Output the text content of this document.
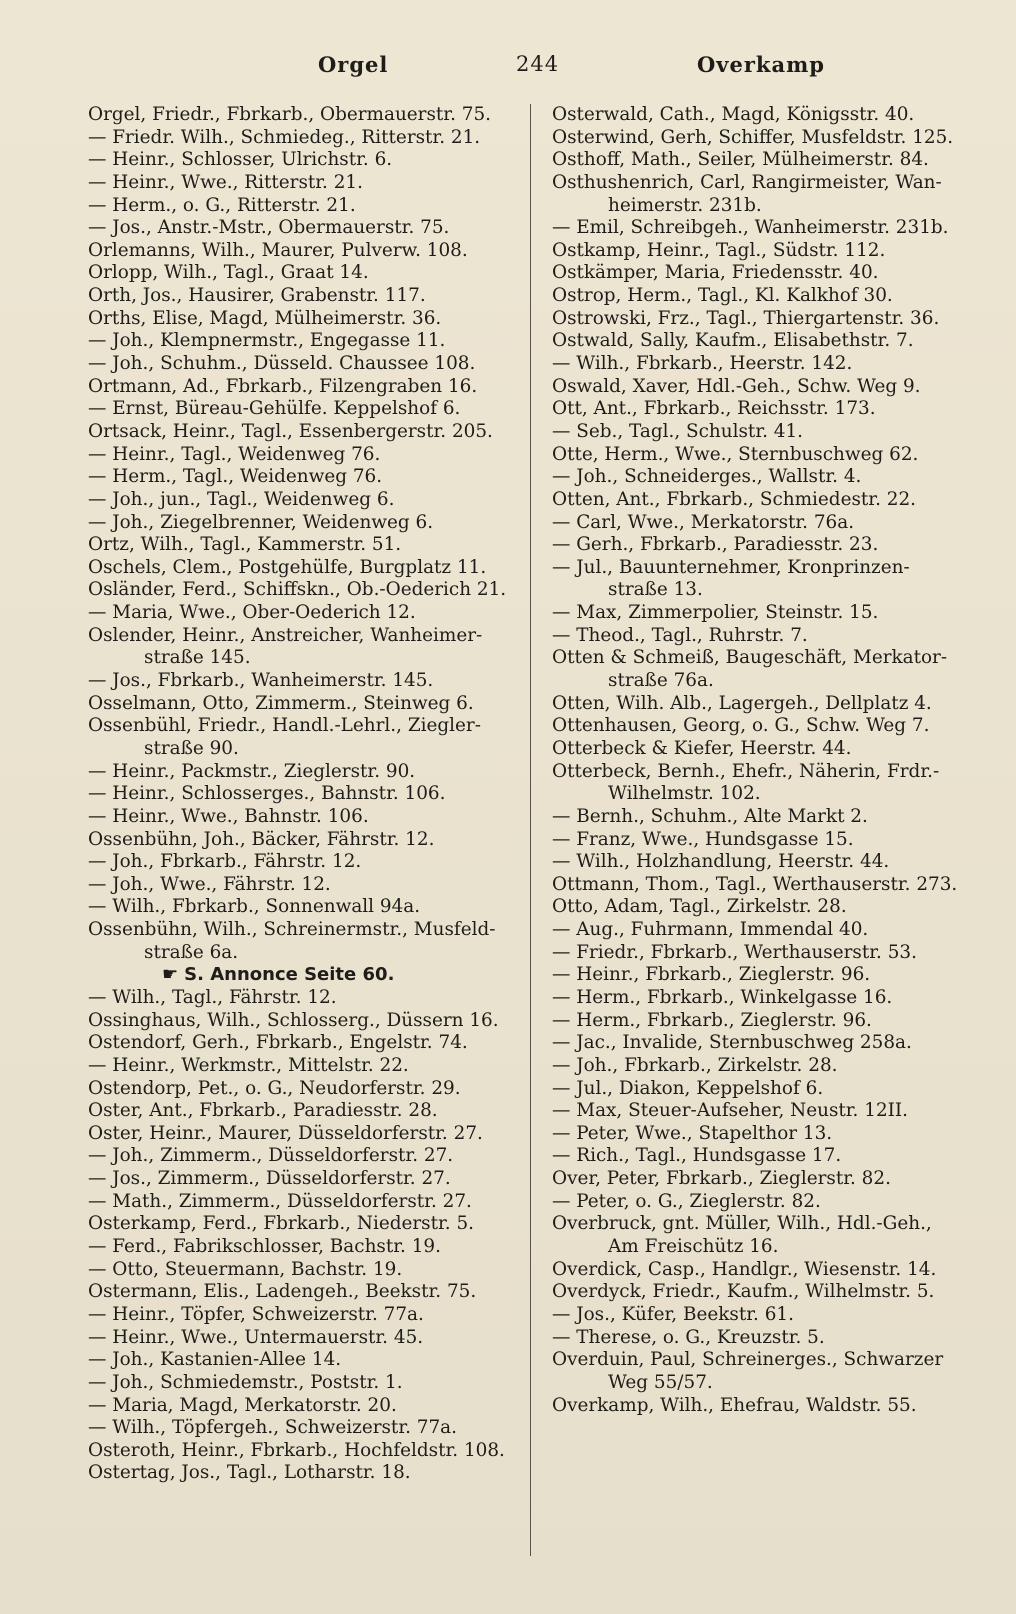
Orgel	244	Overkamp
Orgel, Friedr., Fbrkarb., Obermauerstr. 75.
— Friedr. Wilh., Schmiedeg., Ritterstr. 21.
— Heinr., Schlosser, Ulrichstr. 6.
— Heinr., Wwe., Ritterstr. 21.
— Herm., o. G., Ritterstr. 21.
— Jos., Anstr.-Mstr., Obermauerstr. 75.
Orlemanns, Wilh., Maurer, Pulverw. 108.
Orlopp, Wilh., Tagl., Graat 14.
Orth, Jos., Hausirer, Grabenstr. 117.
Orths, Elise, Magd, Mülheimerstr. 36.
— Joh., Klempnermstr., Engegasse 11.
— Joh., Schuhm., Düsseld. Chaussee 108.
Ortmann, Ad., Fbrkarb., Filzengraben 16.
— Ernst, Büreau-Gehülfe. Keppelshof 6.
Ortsack, Heinr., Tagl., Essenbergerstr. 205.
— Heinr., Tagl., Weidenweg 76.
— Herm., Tagl., Weidenweg 76.
— Joh., jun., Tagl., Weidenweg 6.
— Joh., Ziegelbrenner, Weidenweg 6.
Ortz, Wilh., Tagl., Kammerstr. 51.
Oschels, Clem., Postgehülfe, Burgplatz 11.
Osländer, Ferd., Schiffskn., Ob.-Oederich 21.
— Maria, Wwe., Ober-Oederich 12.
Oslender, Heinr., Anstreicher, Wanheimer-
straße 145.
— Jos., Fbrkarb., Wanheimerstr. 145.
Osselmann, Otto, Zimmerm., Steinweg 6.
Ossenbühl, Friedr., Handl.-Lehrl., Ziegler-
straße 90.
— Heinr., Packmstr., Zieglerstr. 90.
— Heinr., Schlosserges., Bahnstr. 106.
— Heinr., Wwe., Bahnstr. 106.
Ossenbühn, Joh., Bäcker, Fährstr. 12.
— Joh., Fbrkarb., Fährstr. 12.
— Joh., Wwe., Fährstr. 12.
— Wilh., Fbrkarb., Sonnenwall 94a.
Ossenbühn, Wilh., Schreinermstr., Musfeld-
straße 6a.
☛ S. Annonce Seite 60.
— Wilh., Tagl., Fährstr. 12.
Ossinghaus, Wilh., Schlosserg., Düssern 16.
Ostendorf, Gerh., Fbrkarb., Engelstr. 74.
— Heinr., Werkmstr., Mittelstr. 22.
Ostendorp, Pet., o. G., Neudorferstr. 29.
Oster, Ant., Fbrkarb., Paradiesstr. 28.
Oster, Heinr., Maurer, Düsseldorferstr. 27.
— Joh., Zimmerm., Düsseldorferstr. 27.
— Jos., Zimmerm., Düsseldorferstr. 27.
— Math., Zimmerm., Düsseldorferstr. 27.
Osterkamp, Ferd., Fbrkarb., Niederstr. 5.
— Ferd., Fabrikschlosser, Bachstr. 19.
— Otto, Steuermann, Bachstr. 19.
Ostermann, Elis., Ladengeh., Beekstr. 75.
— Heinr., Töpfer, Schweizerstr. 77a.
— Heinr., Wwe., Untermauerstr. 45.
— Joh., Kastanien-Allee 14.
— Joh., Schmiedemstr., Poststr. 1.
— Maria, Magd, Merkatorstr. 20.
— Wilh., Töpfergeh., Schweizerstr. 77a.
Osteroth, Heinr., Fbrkarb., Hochfeldstr. 108.
Ostertag, Jos., Tagl., Lotharstr. 18.
Osterwald, Cath., Magd, Königsstr. 40.
Osterwind, Gerh, Schiffer, Musfeldstr. 125.
Osthoff, Math., Seiler, Mülheimerstr. 84.
Osthushenrich, Carl, Rangirmeister, Wan-
heimerstr. 231b.
— Emil, Schreibgeh., Wanheimerstr. 231b.
Ostkamp, Heinr., Tagl., Südstr. 112.
Ostkämper, Maria, Friedensstr. 40.
Ostrop, Herm., Tagl., Kl. Kalkhof 30.
Ostrowski, Frz., Tagl., Thiergartenstr. 36.
Ostwald, Sally, Kaufm., Elisabethstr. 7.
— Wilh., Fbrkarb., Heerstr. 142.
Oswald, Xaver, Hdl.-Geh., Schw. Weg 9.
Ott, Ant., Fbrkarb., Reichsstr. 173.
— Seb., Tagl., Schulstr. 41.
Otte, Herm., Wwe., Sternbuschweg 62.
— Joh., Schneiderges., Wallstr. 4.
Otten, Ant., Fbrkarb., Schmiedestr. 22.
— Carl, Wwe., Merkatorstr. 76a.
— Gerh., Fbrkarb., Paradiesstr. 23.
— Jul., Bauunternehmer, Kronprinzen-
straße 13.
— Max, Zimmerpolier, Steinstr. 15.
— Theod., Tagl., Ruhrstr. 7.
Otten & Schmeiß, Baugeschäft, Merkator-
straße 76a.
Otten, Wilh. Alb., Lagergeh., Dellplatz 4.
Ottenhausen, Georg, o. G., Schw. Weg 7.
Otterbeck & Kiefer, Heerstr. 44.
Otterbeck, Bernh., Ehefr., Näherin, Frdr.-
Wilhelmstr. 102.
— Bernh., Schuhm., Alte Markt 2.
— Franz, Wwe., Hundsgasse 15.
— Wilh., Holzhandlung, Heerstr. 44.
Ottmann, Thom., Tagl., Werthauserstr. 273.
Otto, Adam, Tagl., Zirkelstr. 28.
— Aug., Fuhrmann, Immendal 40.
— Friedr., Fbrkarb., Werthauserstr. 53.
— Heinr., Fbrkarb., Zieglerstr. 96.
— Herm., Fbrkarb., Winkelgasse 16.
— Herm., Fbrkarb., Zieglerstr. 96.
— Jac., Invalide, Sternbuschweg 258a.
— Joh., Fbrkarb., Zirkelstr. 28.
— Jul., Diakon, Keppelshof 6.
— Max, Steuer-Aufseher, Neustr. 12II.
— Peter, Wwe., Stapelthor 13.
— Rich., Tagl., Hundsgasse 17.
Over, Peter, Fbrkarb., Zieglerstr. 82.
— Peter, o. G., Zieglerstr. 82.
Overbruck, gnt. Müller, Wilh., Hdl.-Geh.,
Am Freischütz 16.
Overdick, Casp., Handlgr., Wiesenstr. 14.
Overdyck, Friedr., Kaufm., Wilhelmstr. 5.
— Jos., Küfer, Beekstr. 61.
— Therese, o. G., Kreuzstr. 5.
Overduin, Paul, Schreinerges., Schwarzer
Weg 55/57.
Overkamp, Wilh., Ehefrau, Waldstr. 55.
